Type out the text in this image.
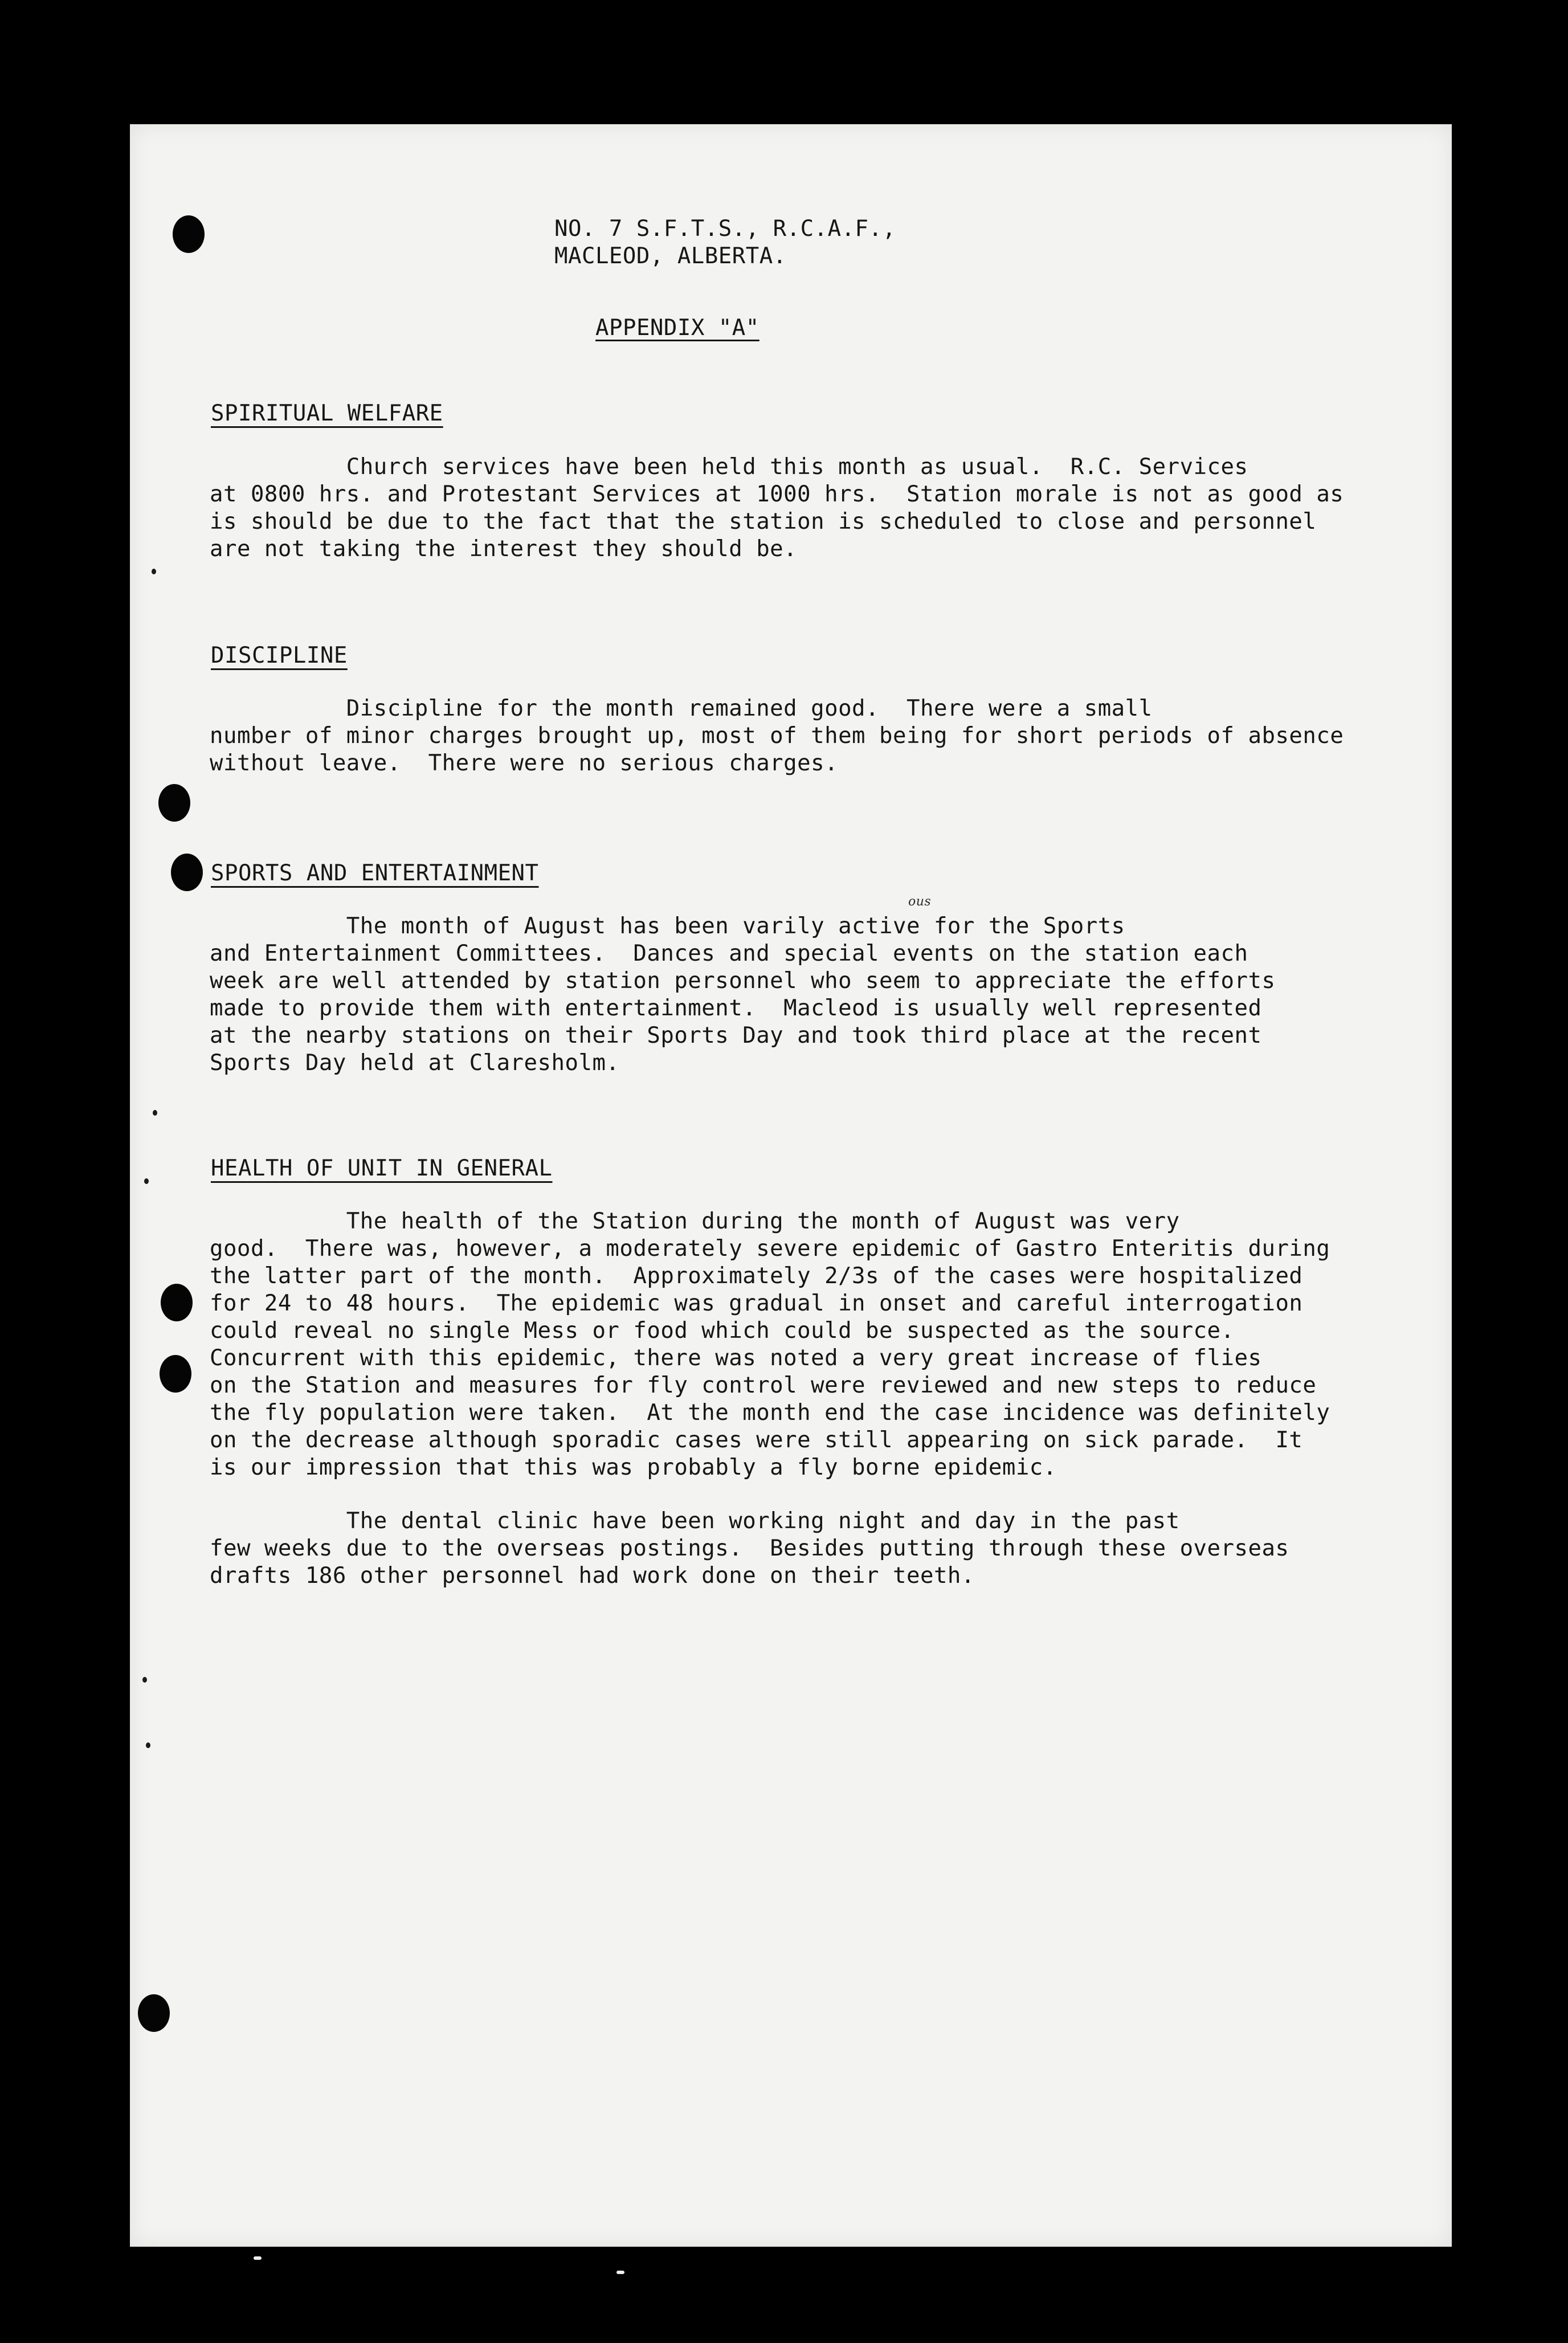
NO. 7 S.F.T.S., R.C.A.F.,
MACLEOD, ALBERTA.
APPENDIX "A"
SPIRITUAL WELFARE
Church services have been held this month as usual.  R.C. Services
at 0800 hrs. and Protestant Services at 1000 hrs.  Station morale is not as good as
is should be due to the fact that the station is scheduled to close and personnel
are not taking the interest they should be.
DISCIPLINE
Discipline for the month remained good.  There were a small
number of minor charges brought up, most of them being for short periods of absence
without leave.  There were no serious charges.
SPORTS AND ENTERTAINMENT
ous
The month of August has been varily active for the Sports
and Entertainment Committees.  Dances and special events on the station each
week are well attended by station personnel who seem to appreciate the efforts
made to provide them with entertainment.  Macleod is usually well represented
at the nearby stations on their Sports Day and took third place at the recent
Sports Day held at Claresholm.
HEALTH OF UNIT IN GENERAL
The health of the Station during the month of August was very
good.  There was, however, a moderately severe epidemic of Gastro Enteritis during
the latter part of the month.  Approximately 2/3s of the cases were hospitalized
for 24 to 48 hours.  The epidemic was gradual in onset and careful interrogation
could reveal no single Mess or food which could be suspected as the source.
Concurrent with this epidemic, there was noted a very great increase of flies
on the Station and measures for fly control were reviewed and new steps to reduce
the fly population were taken.  At the month end the case incidence was definitely
on the decrease although sporadic cases were still appearing on sick parade.  It
is our impression that this was probably a fly borne epidemic.
The dental clinic have been working night and day in the past
few weeks due to the overseas postings.  Besides putting through these overseas
drafts 186 other personnel had work done on their teeth.
